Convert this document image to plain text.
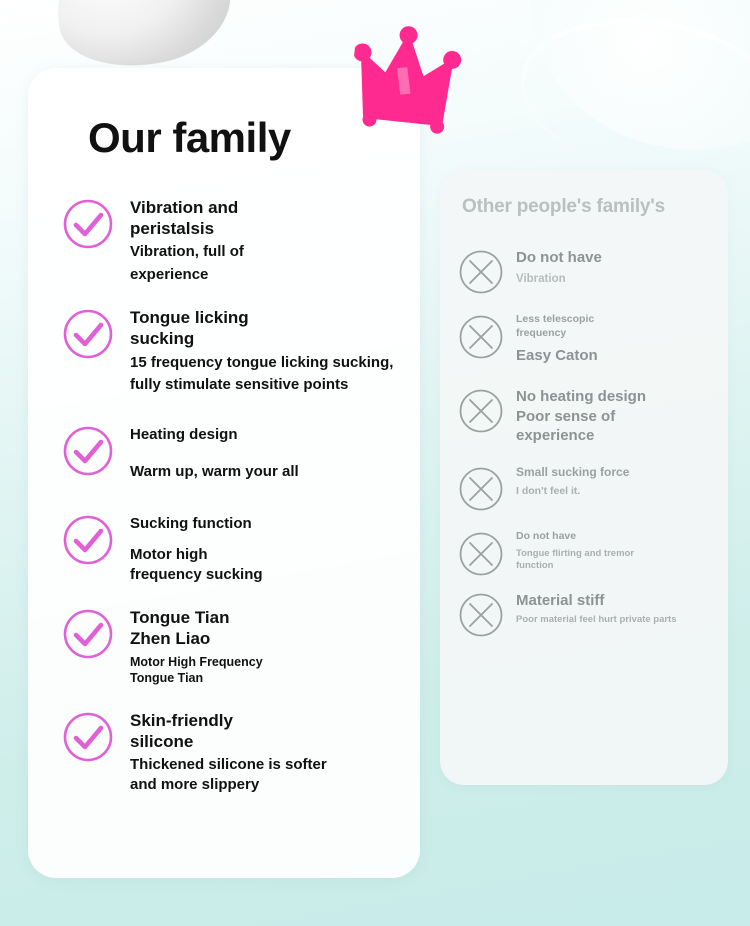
Our family
Vibration and
peristalsis
Vibration, full of
experience
Tongue licking
sucking
15 frequency tongue licking sucking,
fully stimulate sensitive points
Heating design
Warm up, warm your all
Sucking function
Motor high
frequency sucking
Tongue Tian
Zhen Liao
Motor High Frequency
Tongue Tian
Skin-friendly
silicone
Thickened silicone is softer
and more slippery
Other people's family's
Do not have
Vibration
Less telescopic
frequency
Easy Caton
No heating design
Poor sense of
experience
Small sucking force
I don't feel it.
Do not have
Tongue flirting and tremor
function
Material stiff
Poor material feel hurt private parts
